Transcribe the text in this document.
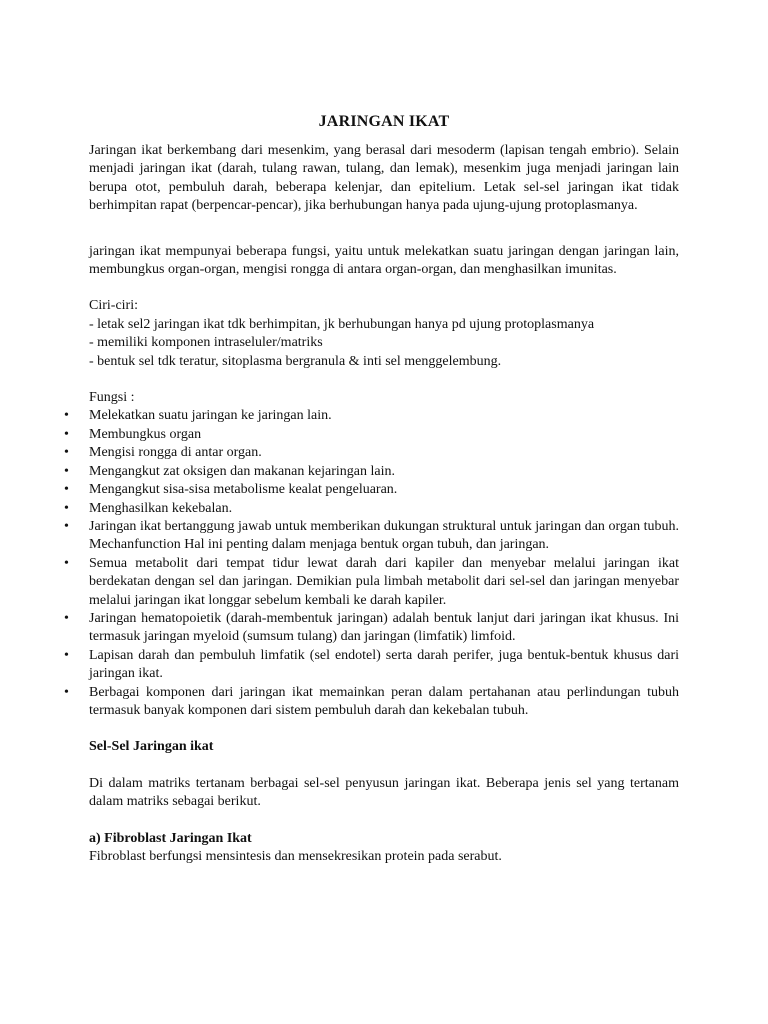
JARINGAN IKAT

Jaringan ikat berkembang dari mesenkim, yang berasal dari mesoderm (lapisan tengah embrio). Selain menjadi jaringan ikat (darah, tulang rawan, tulang, dan lemak), mesenkim juga menjadi jaringan lain berupa otot, pembuluh darah, beberapa kelenjar, dan epitelium. Letak sel-sel jaringan ikat tidak berhimpitan rapat (berpencar-pencar), jika berhubungan hanya pada ujung-ujung protoplasmanya.

jaringan ikat mempunyai beberapa fungsi, yaitu untuk melekatkan suatu jaringan dengan jaringan lain, membungkus organ-organ, mengisi rongga di antara organ-organ, dan menghasilkan imunitas.

Ciri-ciri:

- letak sel2 jaringan ikat tdk berhimpitan, jk berhubungan hanya pd ujung protoplasmanya

- memiliki komponen intraseluler/matriks

- bentuk sel tdk teratur, sitoplasma bergranula & inti sel menggelembung.

Fungsi :

•	Melekatkan suatu jaringan ke jaringan lain.
•	Membungkus organ
•	Mengisi rongga di antar organ.
•	Mengangkut zat oksigen dan makanan kejaringan lain.
•	Mengangkut sisa-sisa metabolisme kealat pengeluaran.
•	Menghasilkan kekebalan.
•	Jaringan ikat bertanggung jawab untuk memberikan dukungan struktural untuk jaringan dan organ tubuh. Mechanfunction Hal ini penting dalam menjaga bentuk organ tubuh, dan jaringan.
•	Semua metabolit dari tempat tidur lewat darah dari kapiler dan menyebar melalui jaringan ikat berdekatan dengan sel dan jaringan. Demikian pula limbah metabolit dari sel-sel dan jaringan menyebar melalui jaringan ikat longgar sebelum kembali ke darah kapiler.
•	Jaringan hematopoietik (darah-membentuk jaringan) adalah bentuk lanjut dari jaringan ikat khusus. Ini termasuk jaringan myeloid (sumsum tulang) dan jaringan (limfatik) limfoid.
•	Lapisan darah dan pembuluh limfatik (sel endotel) serta darah perifer, juga bentuk-bentuk khusus dari jaringan ikat.
•	Berbagai komponen dari jaringan ikat memainkan peran dalam pertahanan atau perlindungan tubuh termasuk banyak komponen dari sistem pembuluh darah dan kekebalan tubuh.

Sel-Sel Jaringan ikat

Di dalam matriks tertanam berbagai sel-sel penyusun jaringan ikat. Beberapa jenis sel yang tertanam dalam matriks sebagai berikut.

a) Fibroblast Jaringan Ikat

Fibroblast berfungsi mensintesis dan mensekresikan protein pada serabut.
